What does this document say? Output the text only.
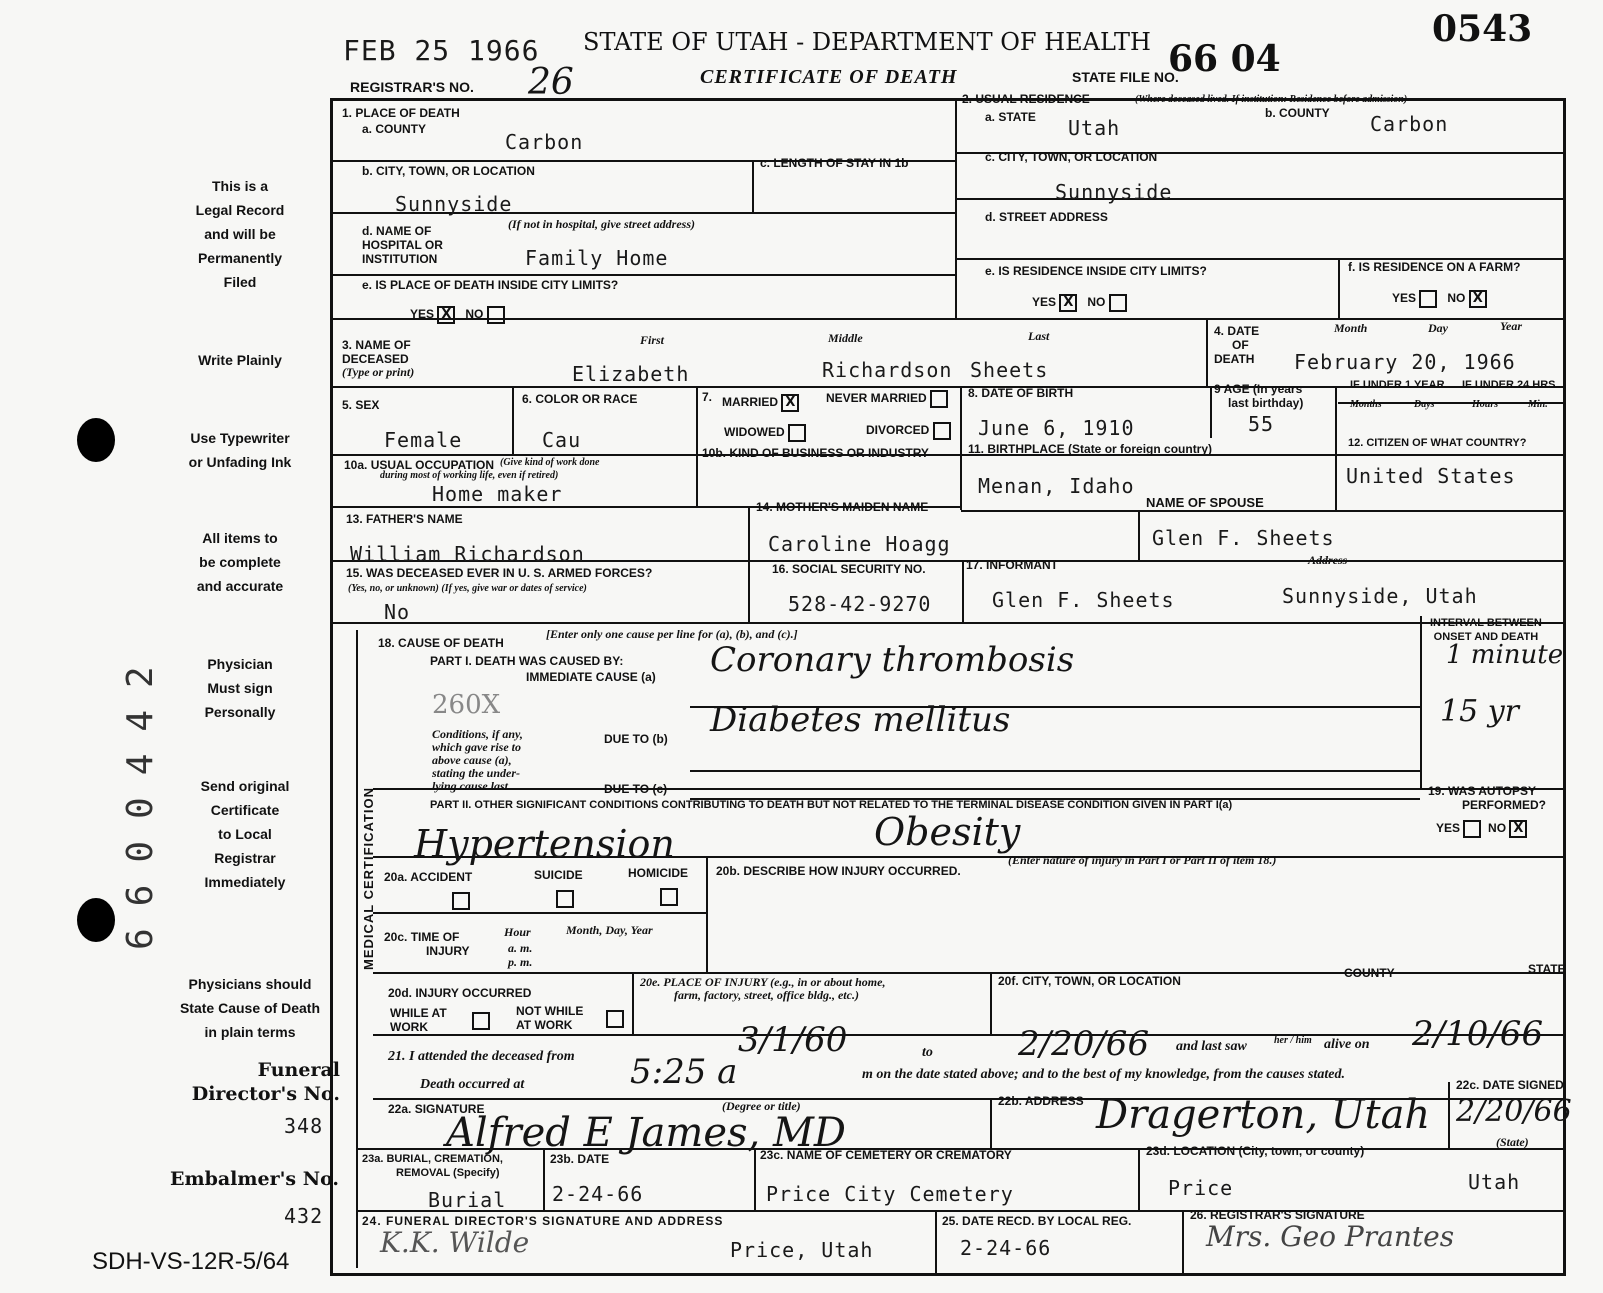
0543
FEB 25 1966 STATE OF UTAH - DEPARTMENT OF HEALTH
REGISTRAR'S NO. 26	CERTIFICATE OF DEATH	STATE FILE NO.
66 04
This is a
Legal Record
and will be
Permanently
Filed
Write Plainly
Use Typewriter
or Unfading Ink
All items to
be complete
and accurate
Physician
Must sign
Personally
Send original
Certificate
to Local
Registrar
Immediately
Physicians should
State Cause of Death
in plain terms
Funeral
Director's No.
348
Embalmer's No.
432
SDH-VS-12R-5/64
6600442
1. PLACE OF DEATH
a. COUNTY
Carbon
b. CITY, TOWN, OR LOCATION
Sunnyside
c. LENGTH OF STAY IN 1b
d. NAME OF
HOSPITAL OR
INSTITUTION
(If not in hospital, give street address)
Family Home
e. IS PLACE OF DEATH INSIDE CITY LIMITS?
YES X NO
2. USUAL RESIDENCE	(Where deceased lived. If institution: Residence before admission)
a. STATE Utah
b. COUNTY Carbon
c. CITY, TOWN, OR LOCATION
Sunnyside
d. STREET ADDRESS
e. IS RESIDENCE INSIDE CITY LIMITS?
YES X NO
f. IS RESIDENCE ON A FARM?
YES	NO X
3. NAME OF
DECEASED
(Type or print)
First	Middle	Last
Elizabeth	Richardson Sheets
4. DATE
OF
DEATH
Month	Day	Year
February 20, 1966
5. SEX
Female
6. COLOR OR RACE
Cau
7. MARRIED X	NEVER MARRIED
WIDOWED	DIVORCED
8. DATE OF BIRTH
June 6, 1910
9 AGE (In years
last birthday)
55
IF UNDER 1 YEAR IF UNDER 24 HRS.
Months	Days	Hours	Min.
10a. USUAL OCCUPATION (Give kind of work done
during most of working life, even if retired)
Home maker
10b. KIND OF BUSINESS OR INDUSTRY	11. BIRTHPLACE (State or foreign country)
Menan, Idaho
12. CITIZEN OF WHAT COUNTRY?
United States
13. FATHER'S NAME
William Richardson
14. MOTHER'S MAIDEN NAME
Caroline Hoagg
NAME OF SPOUSE
Glen F. Sheets
15. WAS DECEASED EVER IN U. S. ARMED FORCES?
(Yes, no, or unknown) (If yes, give war or dates of service)
No
16. SOCIAL SECURITY NO.
528-42-9270
17. INFORMANT	Address
Glen F. Sheets	Sunnyside, Utah
MEDICAL CERTIFICATION
18. CAUSE OF DEATH
[Enter only one cause per line for (a), (b), and (c).]
PART I. DEATH WAS CAUSED BY:
IMMEDIATE CAUSE (a) Coronary thrombosis
260X
Conditions, if any,
which gave rise to
above cause (a),
stating the under-
lying cause last.
DUE TO (b) Diabetes mellitus
DUE TO (c)
INTERVAL BETWEEN
ONSET AND DEATH
1 minute
15 yr
PART II. OTHER SIGNIFICANT CONDITIONS CONTRIBUTING TO DEATH BUT NOT RELATED TO THE TERMINAL DISEASE CONDITION GIVEN IN PART I(a)
Hypertension	Obesity
19. WAS AUTOPSY
PERFORMED?
YES NO X
20a. ACCIDENT	SUICIDE	HOMICIDE 20b. DESCRIBE HOW INJURY OCCURRED.
(Enter nature of injury in Part I or Part II of item 18.)
20c. TIME OF
INJURY
Hour
a. m.
p. m.
Month, Day, Year
20d. INJURY OCCURRED
WHILE AT
WORK
NOT WHILE
AT WORK
20e. PLACE OF INJURY (e.g., in or about home,
farm, factory, street, office bldg., etc.)
20f. CITY, TOWN, OR LOCATION
COUNTY	STATE
21. I attended the deceased from	3/1/60	to	2/20/66 and last saw	her / him alive on 2/10/66
Death occurred at	5:25 a	m on the date stated above; and to the best of my knowledge, from the causes stated.
22a. SIGNATURE	(Degree or title)
Alfred E James, MD
22b. ADDRESS Dragerton, Utah
22c. DATE SIGNED
2/20/66
(State)
23a. BURIAL, CREMATION,
REMOVAL (Specify)
Burial
23b. DATE
2-24-66
23c. NAME OF CEMETERY OR CREMATORY
Price City Cemetery
23d. LOCATION (City, town, or county)
Price	Utah
24. FUNERAL DIRECTOR'S SIGNATURE AND ADDRESS
K.K. Wilde	Price, Utah
25. DATE RECD. BY LOCAL REG.
2-24-66
26. REGISTRAR'S SIGNATURE
Mrs. Geo Prantes
